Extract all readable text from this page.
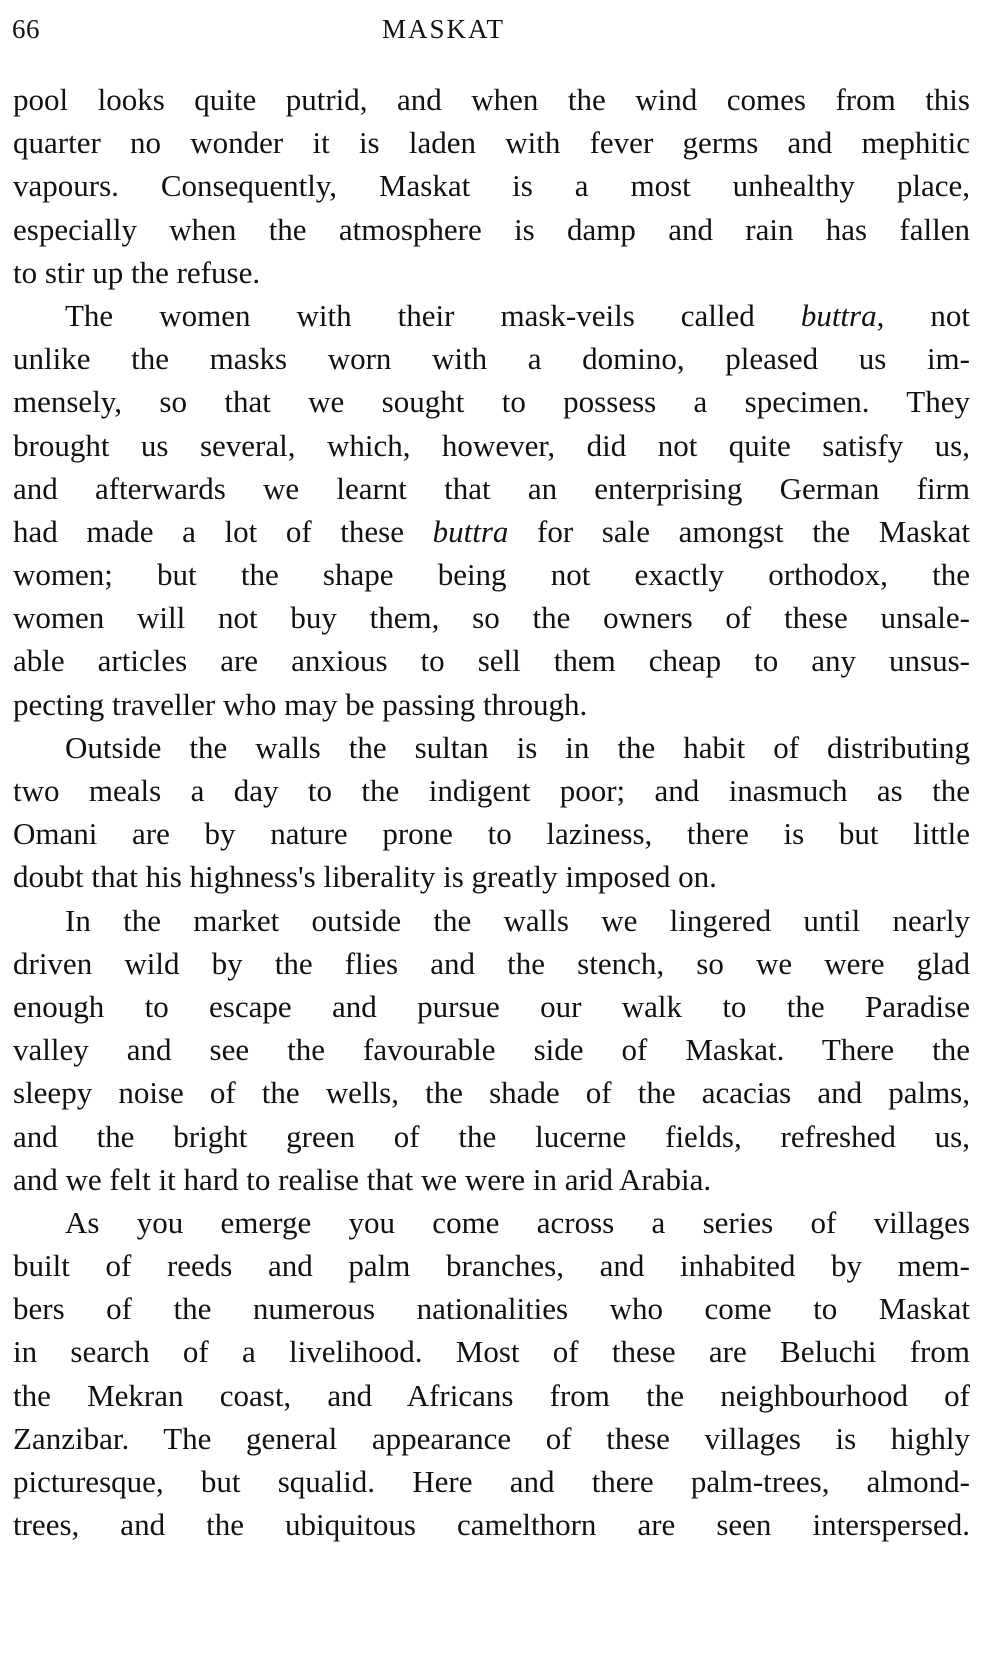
66	MASKAT
pool looks quite putrid, and when the wind comes from this
quarter no wonder it is laden with fever germs and mephitic
vapours. Consequently, Maskat is a most unhealthy place,
especially when the atmosphere is damp and rain has fallen
to stir up the refuse.
The women with their mask-veils called buttra, not
unlike the masks worn with a domino, pleased us im-
mensely, so that we sought to possess a specimen. They
brought us several, which, however, did not quite satisfy us,
and afterwards we learnt that an enterprising German firm
had made a lot of these buttra for sale amongst the Maskat
women; but the shape being not exactly orthodox, the
women will not buy them, so the owners of these unsale-
able articles are anxious to sell them cheap to any unsus-
pecting traveller who may be passing through.
Outside the walls the sultan is in the habit of distributing
two meals a day to the indigent poor; and inasmuch as the
Omani are by nature prone to laziness, there is but little
doubt that his highness's liberality is greatly imposed on.
In the market outside the walls we lingered until nearly
driven wild by the flies and the stench, so we were glad
enough to escape and pursue our walk to the Paradise
valley and see the favourable side of Maskat. There the
sleepy noise of the wells, the shade of the acacias and palms,
and the bright green of the lucerne fields, refreshed us,
and we felt it hard to realise that we were in arid Arabia.
As you emerge you come across a series of villages
built of reeds and palm branches, and inhabited by mem-
bers of the numerous nationalities who come to Maskat
in search of a livelihood. Most of these are Beluchi from
the Mekran coast, and Africans from the neighbourhood of
Zanzibar. The general appearance of these villages is highly
picturesque, but squalid. Here and there palm-trees, almond-
trees, and the ubiquitous camelthorn are seen interspersed.
